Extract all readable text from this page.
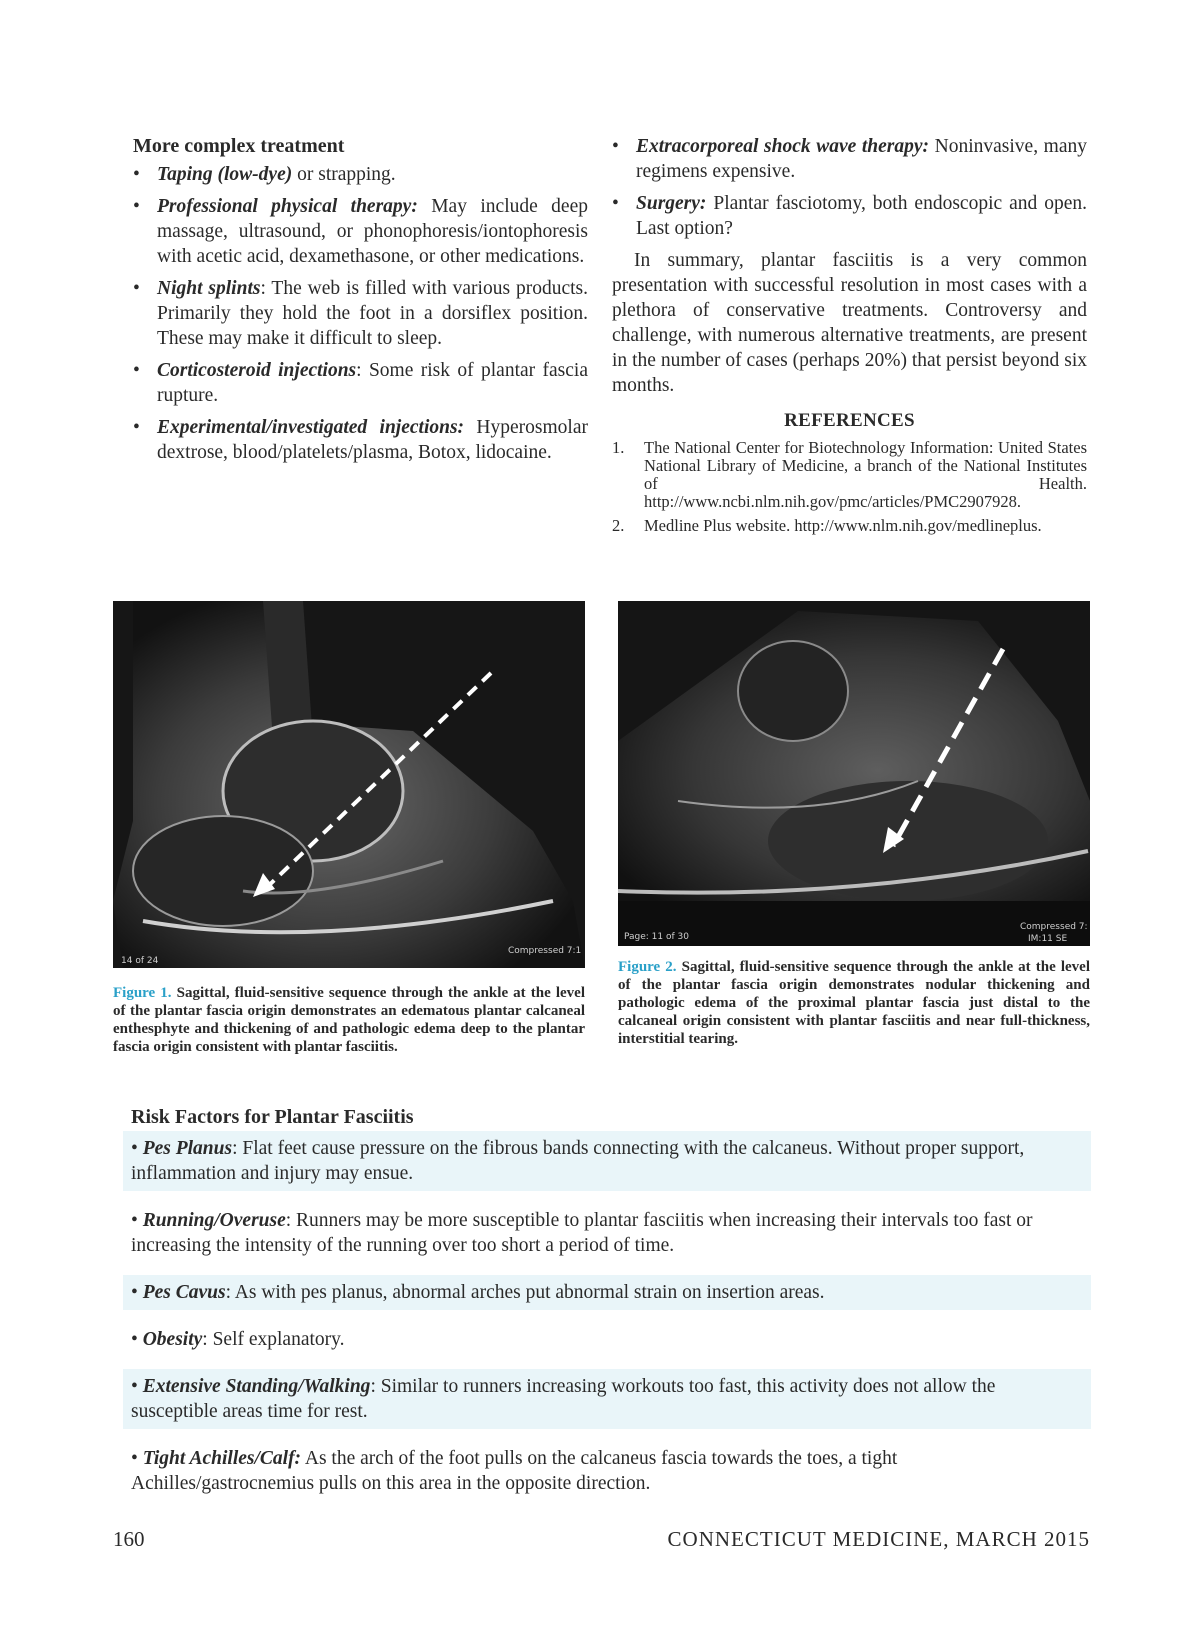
More complex treatment
• Taping (low-dye) or strapping.
• Professional physical therapy: May include deep massage, ultrasound, or phonophoresis/iontophoresis with acetic acid, dexamethasone, or other medications.
• Night splints: The web is filled with various products. Primarily they hold the foot in a dorsiflex position. These may make it difficult to sleep.
• Corticosteroid injections: Some risk of plantar fascia rupture.
• Experimental/investigated injections: Hyperosmolar dextrose, blood/platelets/plasma, Botox, lidocaine.
• Extracorporeal shock wave therapy: Noninvasive, many regimens expensive.
• Surgery: Plantar fasciotomy, both endoscopic and open. Last option?
In summary, plantar fasciitis is a very common presentation with successful resolution in most cases with a plethora of conservative treatments. Controversy and challenge, with numerous alternative treatments, are present in the number of cases (perhaps 20%) that persist beyond six months.
REFERENCES
1. The National Center for Biotechnology Information: United States National Library of Medicine, a branch of the National Institutes of Health. http://www.ncbi.nlm.nih.gov/pmc/articles/PMC2907928.
2. Medline Plus website. http://www.nlm.nih.gov/medlineplus.
14 of 24
Compressed 7:1
Figure 1. Sagittal, fluid-sensitive sequence through the ankle at the level of the plantar fascia origin demonstrates an edematous plantar calcaneal enthesphyte and thickening of and pathologic edema deep to the plantar fascia origin consistent with plantar fasciitis.
Page: 11 of 30
Compressed 7:
IM:11 SE
Figure 2. Sagittal, fluid-sensitive sequence through the ankle at the level of the plantar fascia origin demonstrates nodular thickening and pathologic edema of the proximal plantar fascia just distal to the calcaneal origin consistent with plantar fasciitis and near full-thickness, interstitial tearing.
Risk Factors for Plantar Fasciitis
• Pes Planus: Flat feet cause pressure on the fibrous bands connecting with the calcaneus. Without proper support, inflammation and injury may ensue.
• Running/Overuse: Runners may be more susceptible to plantar fasciitis when increasing their intervals too fast or increasing the intensity of the running over too short a period of time.
• Pes Cavus: As with pes planus, abnormal arches put abnormal strain on insertion areas.
• Obesity: Self explanatory.
• Extensive Standing/Walking: Similar to runners increasing workouts too fast, this activity does not allow the susceptible areas time for rest.
• Tight Achilles/Calf: As the arch of the foot pulls on the calcaneus fascia towards the toes, a tight Achilles/gastrocnemius pulls on this area in the opposite direction.
160	CONNECTICUT MEDICINE, MARCH 2015
